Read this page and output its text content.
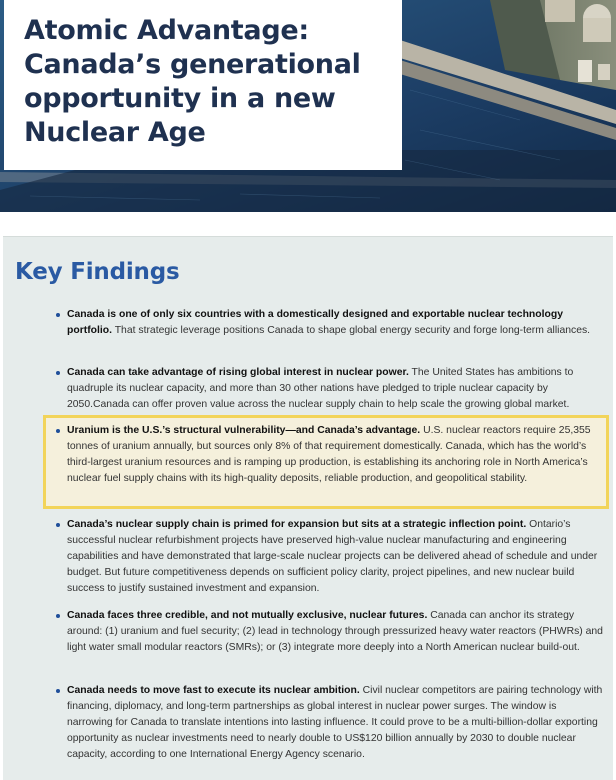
Atomic Advantage:
Canada’s generational
opportunity in a new
Nuclear Age
Key Findings
Canada is one of only six countries with a domestically designed and exportable nuclear technology portfolio. That strategic leverage positions Canada to shape global energy security and forge long-term alliances.
Canada can take advantage of rising global interest in nuclear power. The United States has ambitions to quadruple its nuclear capacity, and more than 30 other nations have pledged to triple nuclear capacity by 2050.Canada can offer proven value across the nuclear supply chain to help scale the growing global market.
Uranium is the U.S.’s structural vulnerability—and Canada’s advantage. U.S. nuclear reactors require 25,355 tonnes of uranium annually, but sources only 8% of that requirement domestically. Canada, which has the world’s third-largest uranium resources and is ramping up production, is establishing its anchoring role in North America’s nuclear fuel supply chains with its high-quality deposits, reliable production, and geopolitical stability.
Canada’s nuclear supply chain is primed for expansion but sits at a strategic inflection point. Ontario’s successful nuclear refurbishment projects have preserved high-value nuclear manufacturing and engineering capabilities and have demonstrated that large-scale nuclear projects can be delivered ahead of schedule and under budget. But future competitiveness depends on sufficient policy clarity, project pipelines, and new nuclear build success to justify sustained investment and expansion.
Canada faces three credible, and not mutually exclusive, nuclear futures. Canada can anchor its strategy around: (1) uranium and fuel security; (2) lead in technology through pressurized heavy water reactors (PHWRs) and light water small modular reactors (SMRs); or (3) integrate more deeply into a North American nuclear build-out.
Canada needs to move fast to execute its nuclear ambition. Civil nuclear competitors are pairing technology with financing, diplomacy, and long-term partnerships as global interest in nuclear power surges. The window is narrowing for Canada to translate intentions into lasting influence. It could prove to be a multi-billion-dollar exporting opportunity as nuclear investments need to nearly double to US$120 billion annually by 2030 to double nuclear capacity, according to one International Energy Agency scenario.
